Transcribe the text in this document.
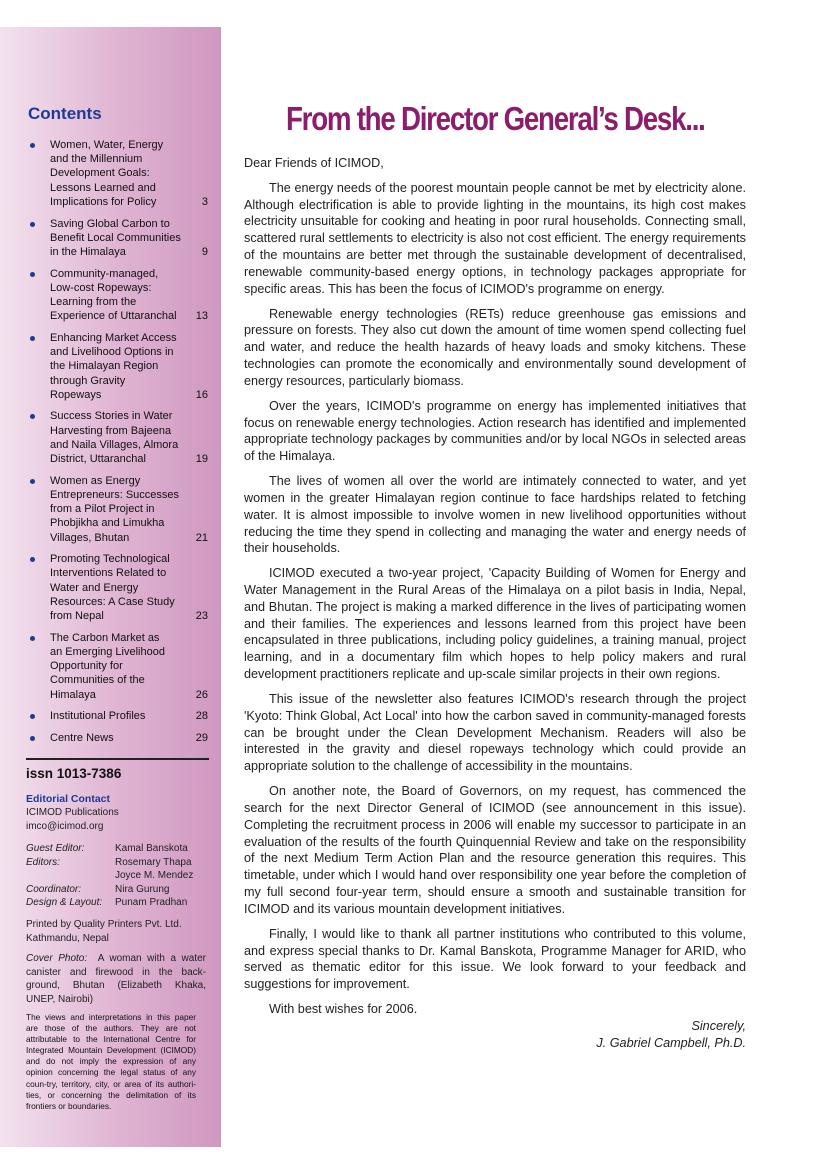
Contents
Women, Water, Energy
and the Millennium
Development Goals:
Lessons Learned and
Implications for Policy	3
Saving Global Carbon to
Benefit Local Communities
in the Himalaya	9
Community-managed,
Low-cost Ropeways:
Learning from the
Experience of Uttaranchal	13
Enhancing Market Access
and Livelihood Options in
the Himalayan Region
through Gravity
Ropeways	16
Success Stories in Water
Harvesting from Bajeena
and Naila Villages, Almora
District, Uttaranchal	19
Women as Energy
Entrepreneurs: Successes
from a Pilot Project in
Phobjikha and Limukha
Villages, Bhutan	21
Promoting Technological
Interventions Related to
Water and Energy
Resources: A Case Study
from Nepal	23
The Carbon Market as
an Emerging Livelihood
Opportunity for
Communities of the
Himalaya	26
Institutional Profiles	28
Centre News	29
issn 1013-7386
Editorial Contact
ICIMOD Publications
imco@icimod.org
Guest Editor:	Kamal Banskota
Editors:	Rosemary Thapa
Joyce M. Mendez
Coordinator:	Nira Gurung
Design & Layout:	Punam Pradhan
Printed by Quality Printers Pvt. Ltd.
Kathmandu, Nepal
Cover Photo: A woman with a water canister and firewood in the back-ground, Bhutan (Elizabeth Khaka, UNEP, Nairobi)
The views and interpretations in this paper are those of the authors. They are not attributable to the International Centre for Integrated Mountain Development (ICIMOD) and do not imply the expression of any opinion concerning the legal status of any coun-try, territory, city, or area of its authori-ties, or concerning the delimitation of its frontiers or boundaries.
From the Director General’s Desk...

Dear Friends of ICIMOD,

The energy needs of the poorest mountain people cannot be met by electricity alone. Although electrification is able to provide lighting in the mountains, its high cost makes electricity unsuitable for cooking and heating in poor rural households. Connecting small, scattered rural settlements to electricity is also not cost efficient. The energy requirements of the mountains are better met through the sustainable development of decentralised, renewable community-based energy options, in technology packages appropriate for specific areas. This has been the focus of ICIMOD's programme on energy.

Renewable energy technologies (RETs) reduce greenhouse gas emissions and pressure on forests. They also cut down the amount of time women spend collecting fuel and water, and reduce the health hazards of heavy loads and smoky kitchens. These technologies can promote the economically and environmentally sound development of energy resources, particularly biomass.

Over the years, ICIMOD's programme on energy has implemented initiatives that focus on renewable energy technologies. Action research has identified and implemented appropriate technology packages by communities and/or by local NGOs in selected areas of the Himalaya.

The lives of women all over the world are intimately connected to water, and yet women in the greater Himalayan region continue to face hardships related to fetching water. It is almost impossible to involve women in new livelihood opportunities without reducing the time they spend in collecting and managing the water and energy needs of their households.

ICIMOD executed a two-year project, 'Capacity Building of Women for Energy and Water Management in the Rural Areas of the Himalaya on a pilot basis in India, Nepal, and Bhutan. The project is making a marked difference in the lives of participating women and their families. The experiences and lessons learned from this project have been encapsulated in three publications, including policy guidelines, a training manual, project learning, and in a documentary film which hopes to help policy makers and rural development practitioners replicate and up-scale similar projects in their own regions.

This issue of the newsletter also features ICIMOD's research through the project 'Kyoto: Think Global, Act Local' into how the carbon saved in community-managed forests can be brought under the Clean Development Mechanism. Readers will also be interested in the gravity and diesel ropeways technology which could provide an appropriate solution to the challenge of accessibility in the mountains.

On another note, the Board of Governors, on my request, has commenced the search for the next Director General of ICIMOD (see announcement in this issue). Completing the recruitment process in 2006 will enable my successor to participate in an evaluation of the results of the fourth Quinquennial Review and take on the responsibility of the next Medium Term Action Plan and the resource generation this requires. This timetable, under which I would hand over responsibility one year before the completion of my full second four-year term, should ensure a smooth and sustainable transition for ICIMOD and its various mountain development initiatives.

Finally, I would like to thank all partner institutions who contributed to this volume, and express special thanks to Dr. Kamal Banskota, Programme Manager for ARID, who served as thematic editor for this issue. We look forward to your feedback and suggestions for improvement.

With best wishes for 2006.

Sincerely,
J. Gabriel Campbell, Ph.D.
